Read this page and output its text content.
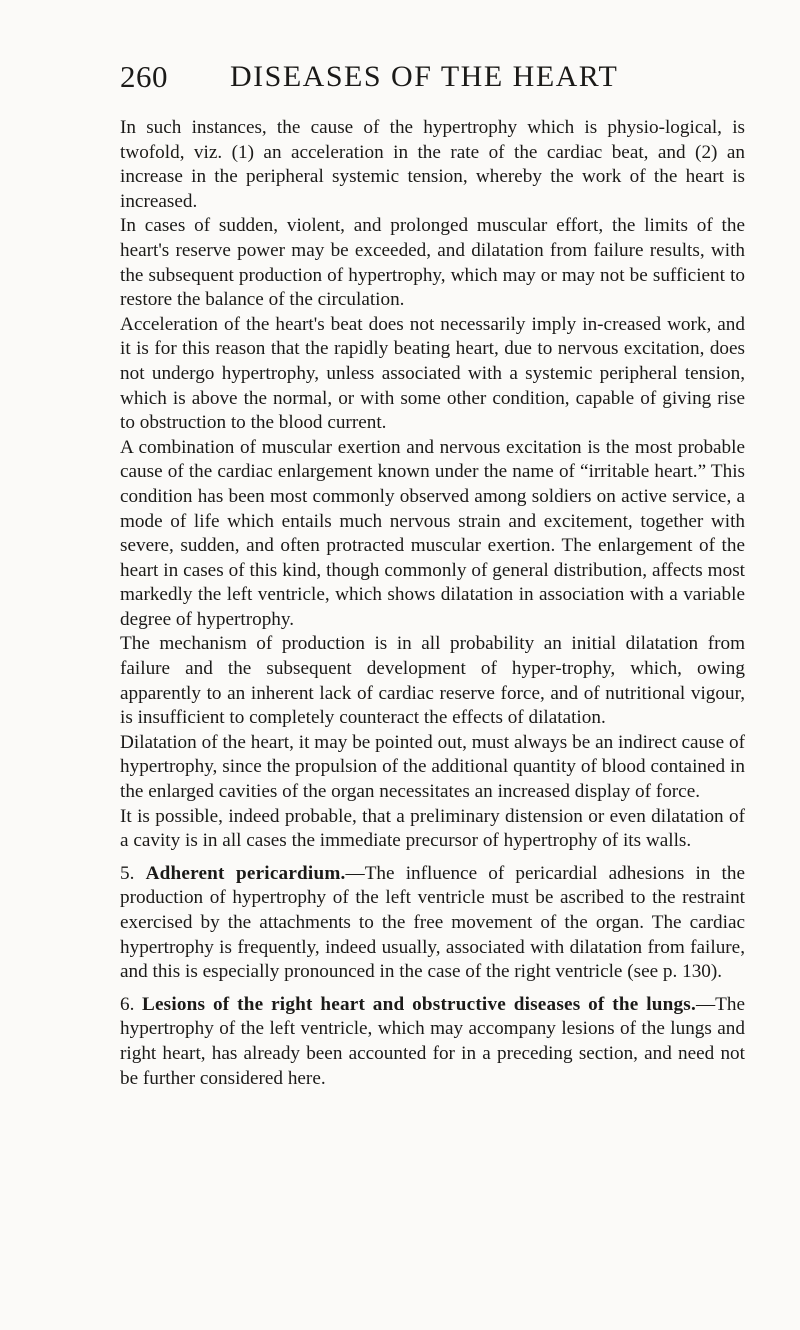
260 DISEASES OF THE HEART

In such instances, the cause of the hypertrophy which is physio-logical, is twofold, viz. (1) an acceleration in the rate of the cardiac beat, and (2) an increase in the peripheral systemic tension, whereby the work of the heart is increased.

In cases of sudden, violent, and prolonged muscular effort, the limits of the heart's reserve power may be exceeded, and dilatation from failure results, with the subsequent production of hypertrophy, which may or may not be sufficient to restore the balance of the circulation.

Acceleration of the heart's beat does not necessarily imply in-creased work, and it is for this reason that the rapidly beating heart, due to nervous excitation, does not undergo hypertrophy, unless associated with a systemic peripheral tension, which is above the normal, or with some other condition, capable of giving rise to obstruction to the blood current.

A combination of muscular exertion and nervous excitation is the most probable cause of the cardiac enlargement known under the name of “irritable heart.” This condition has been most commonly observed among soldiers on active service, a mode of life which entails much nervous strain and excitement, together with severe, sudden, and often protracted muscular exertion. The enlargement of the heart in cases of this kind, though commonly of general distribution, affects most markedly the left ventricle, which shows dilatation in association with a variable degree of hypertrophy.

The mechanism of production is in all probability an initial dilatation from failure and the subsequent development of hyper-trophy, which, owing apparently to an inherent lack of cardiac reserve force, and of nutritional vigour, is insufficient to completely counteract the effects of dilatation.

Dilatation of the heart, it may be pointed out, must always be an indirect cause of hypertrophy, since the propulsion of the additional quantity of blood contained in the enlarged cavities of the organ necessitates an increased display of force.

It is possible, indeed probable, that a preliminary distension or even dilatation of a cavity is in all cases the immediate precursor of hypertrophy of its walls.

5. Adherent pericardium.—The influence of pericardial adhesions in the production of hypertrophy of the left ventricle must be ascribed to the restraint exercised by the attachments to the free movement of the organ. The cardiac hypertrophy is frequently, indeed usually, associated with dilatation from failure, and this is especially pronounced in the case of the right ventricle (see p. 130).

6. Lesions of the right heart and obstructive diseases of the lungs.—The hypertrophy of the left ventricle, which may accompany lesions of the lungs and right heart, has already been accounted for in a preceding section, and need not be further considered here.
